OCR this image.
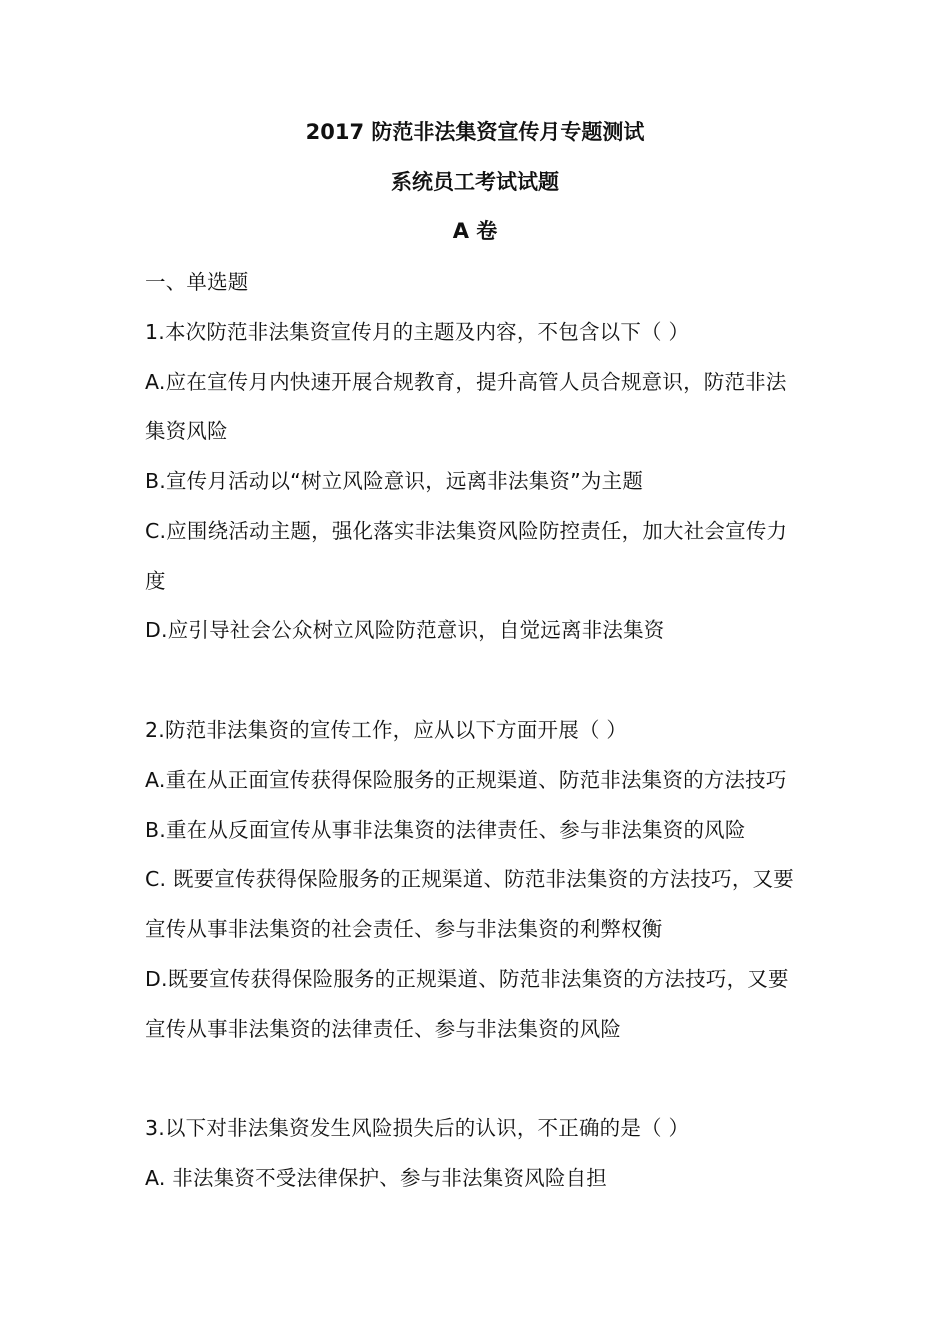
2017 防范非法集资宣传月专题测试
系统员工考试试题
A 卷
一、单选题
1.本次防范非法集资宣传月的主题及内容，不包含以下（ ）
A.应在宣传月内快速开展合规教育，提升高管人员合规意识，防范非法
集资风险
B.宣传月活动以“树立风险意识，远离非法集资”为主题
C.应围绕活动主题，强化落实非法集资风险防控责任，加大社会宣传力
度
D.应引导社会公众树立风险防范意识，自觉远离非法集资
2.防范非法集资的宣传工作，应从以下方面开展（ ）
A.重在从正面宣传获得保险服务的正规渠道、防范非法集资的方法技巧
B.重在从反面宣传从事非法集资的法律责任、参与非法集资的风险
C. 既要宣传获得保险服务的正规渠道、防范非法集资的方法技巧，又要
宣传从事非法集资的社会责任、参与非法集资的利弊权衡
D.既要宣传获得保险服务的正规渠道、防范非法集资的方法技巧，又要
宣传从事非法集资的法律责任、参与非法集资的风险
3.以下对非法集资发生风险损失后的认识，不正确的是（ ）
A. 非法集资不受法律保护、参与非法集资风险自担
